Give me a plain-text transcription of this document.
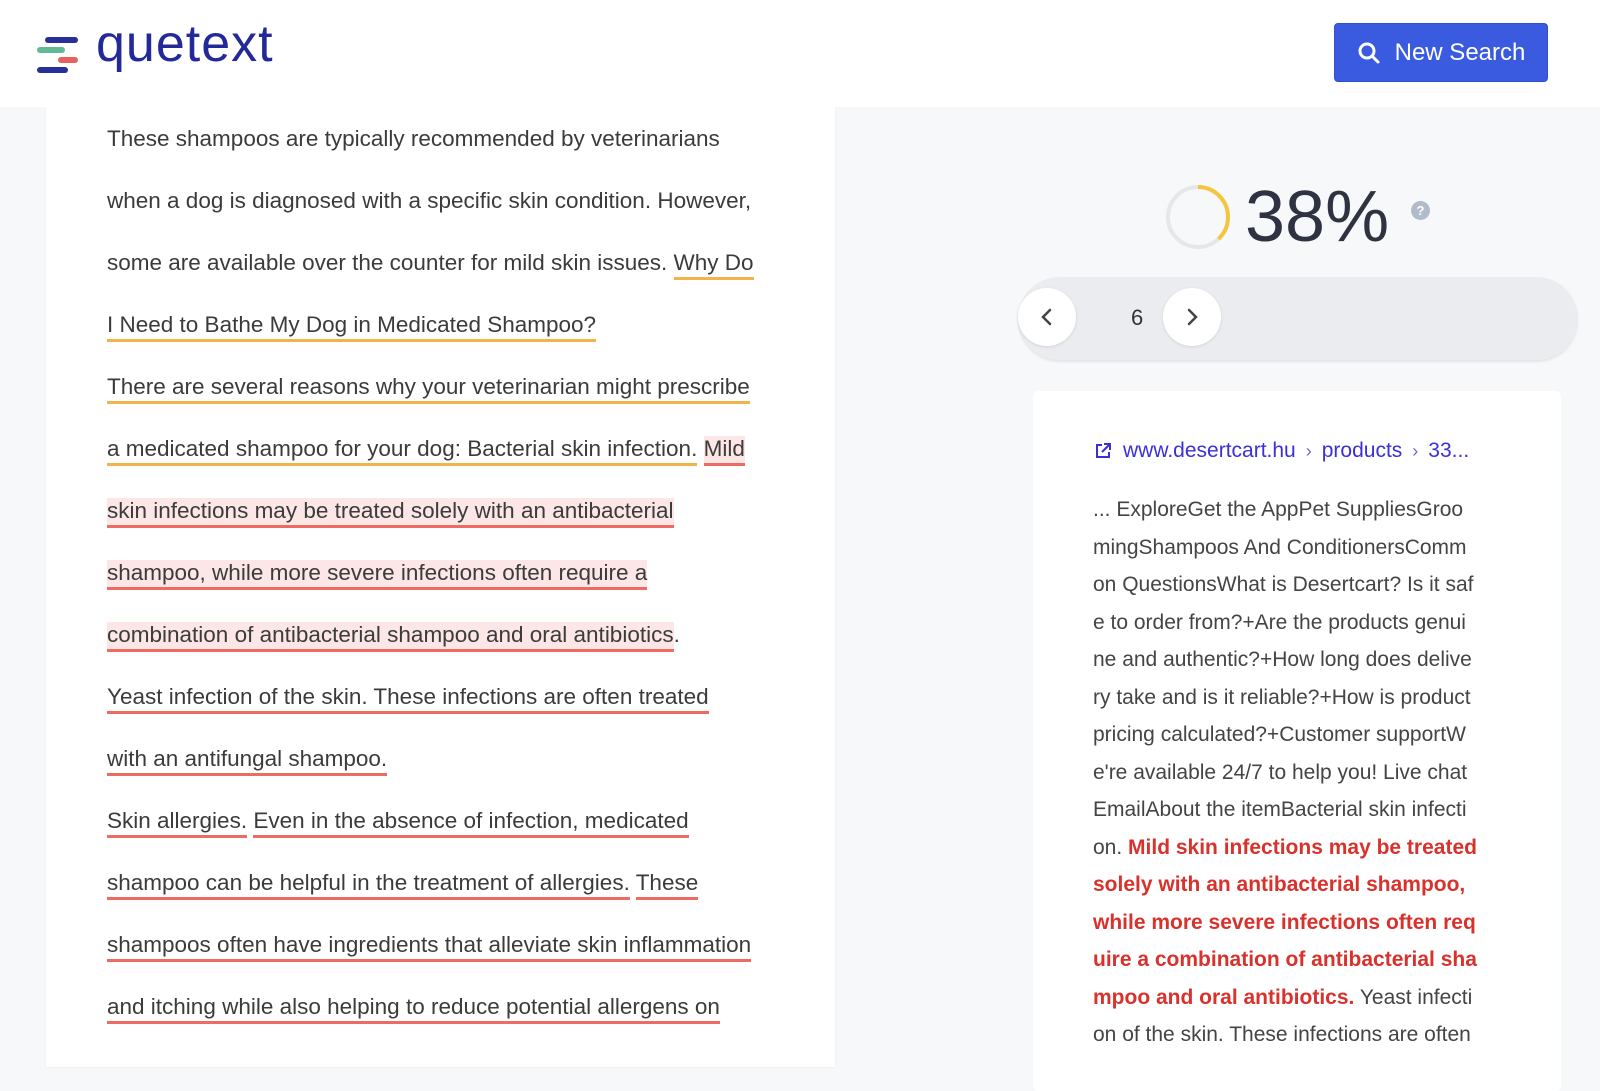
quetext	New Search
These shampoos are typically recommended by veterinarians
when a dog is diagnosed with a specific skin condition. However,
some are available over the counter for mild skin issues. Why Do
I Need to Bathe My Dog in Medicated Shampoo?
There are several reasons why your veterinarian might prescribe
a medicated shampoo for your dog: Bacterial skin infection. Mild
skin infections may be treated solely with an antibacterial
shampoo, while more severe infections often require a
combination of antibacterial shampoo and oral antibiotics.
Yeast infection of the skin. These infections are often treated
with an antifungal shampoo.
Skin allergies. Even in the absence of infection, medicated
shampoo can be helpful in the treatment of allergies. These
shampoos often have ingredients that alleviate skin inflammation
and itching while also helping to reduce potential allergens on
38%	?
6
www.desertcart.hu › products › 33...
... ExploreGet the AppPet SuppliesGroo
mingShampoos And ConditionersComm
on QuestionsWhat is Desertcart? Is it saf
e to order from?+Are the products genui
ne and authentic?+How long does delive
ry take and is it reliable?+How is product
pricing calculated?+Customer supportW
e're available 24/7 to help you! Live chat
EmailAbout the itemBacterial skin infecti
on. Mild skin infections may be treated
solely with an antibacterial shampoo,
while more severe infections often req
uire a combination of antibacterial sha
mpoo and oral antibiotics. Yeast infecti
on of the skin. These infections are often
